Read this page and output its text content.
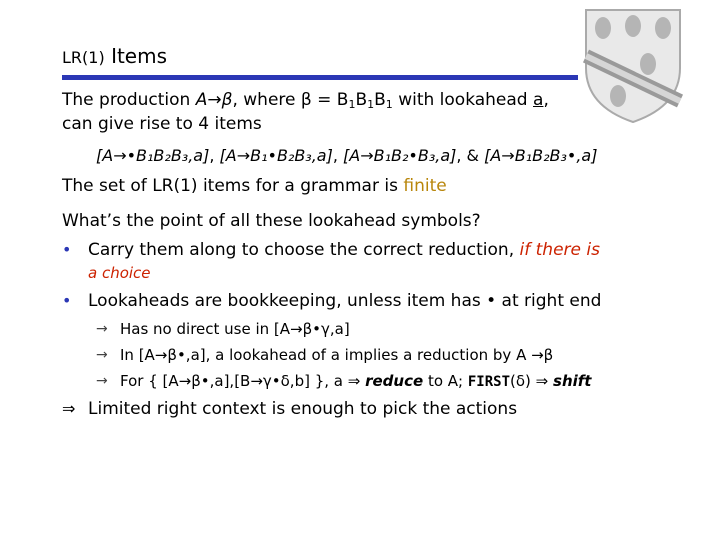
LR(1) Items
The production A→β, where $\beta = B_1B_1B_1$ with lookahead a,
can give rise to 4 items
[A→•B₁B₂B₃,a], [A→B₁•B₂B₃,a], [A→B₁B₂•B₃,a], & [A→B₁B₂B₃•,a]
The set of LR(1) items for a grammar is finite
What’s the point of all these lookahead symbols?
• Carry them along to choose the correct reduction, if there is
a choice
• Lookaheads are bookkeeping, unless item has • at right end
→ Has no direct use in [A→β•γ,a]
→ In [A→β•,a], a lookahead of a implies a reduction by A →β
→ For { [A→β•,a],[B→γ•δ,b] }, a ⇒ reduce to A; FIRST(δ) ⇒ shift
⇒ Limited right context is enough to pick the actions
